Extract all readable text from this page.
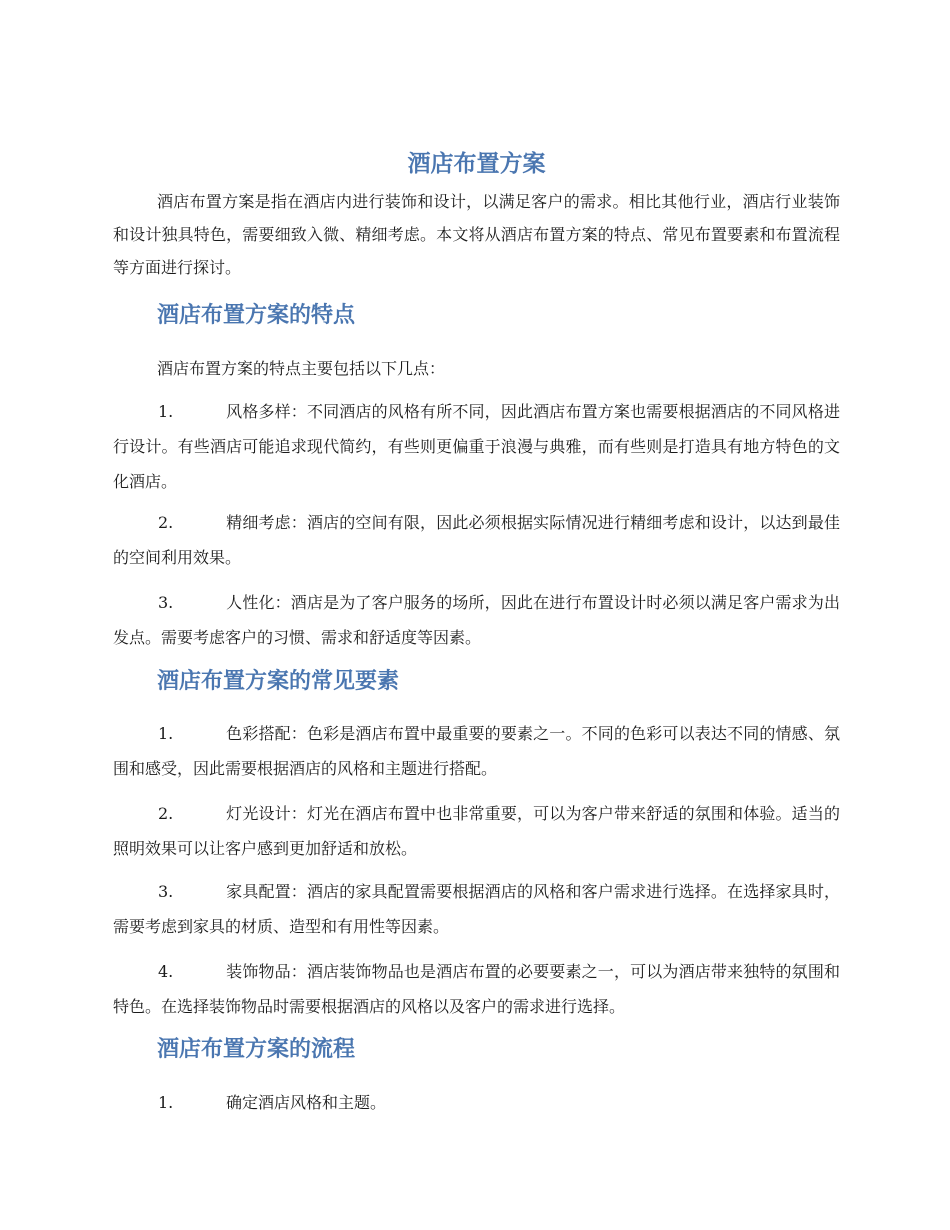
酒店布置方案

酒店布置方案是指在酒店内进行装饰和设计，以满足客户的需求。相比其他行业，酒店行业装饰和设计独具特色，需要细致入微、精细考虑。本文将从酒店布置方案的特点、常见布置要素和布置流程等方面进行探讨。

酒店布置方案的特点

酒店布置方案的特点主要包括以下几点：

1.	风格多样：不同酒店的风格有所不同，因此酒店布置方案也需要根据酒店的不同风格进行设计。有些酒店可能追求现代简约，有些则更偏重于浪漫与典雅，而有些则是打造具有地方特色的文化酒店。

2.	精细考虑：酒店的空间有限，因此必须根据实际情况进行精细考虑和设计，以达到最佳的空间利用效果。

3.	人性化：酒店是为了客户服务的场所，因此在进行布置设计时必须以满足客户需求为出发点。需要考虑客户的习惯、需求和舒适度等因素。

酒店布置方案的常见要素

1.	色彩搭配：色彩是酒店布置中最重要的要素之一。不同的色彩可以表达不同的情感、氛围和感受，因此需要根据酒店的风格和主题进行搭配。

2.	灯光设计：灯光在酒店布置中也非常重要，可以为客户带来舒适的氛围和体验。适当的照明效果可以让客户感到更加舒适和放松。

3.	家具配置：酒店的家具配置需要根据酒店的风格和客户需求进行选择。在选择家具时，需要考虑到家具的材质、造型和有用性等因素。

4.	装饰物品：酒店装饰物品也是酒店布置的必要要素之一，可以为酒店带来独特的氛围和特色。在选择装饰物品时需要根据酒店的风格以及客户的需求进行选择。

酒店布置方案的流程

1.	确定酒店风格和主题。
